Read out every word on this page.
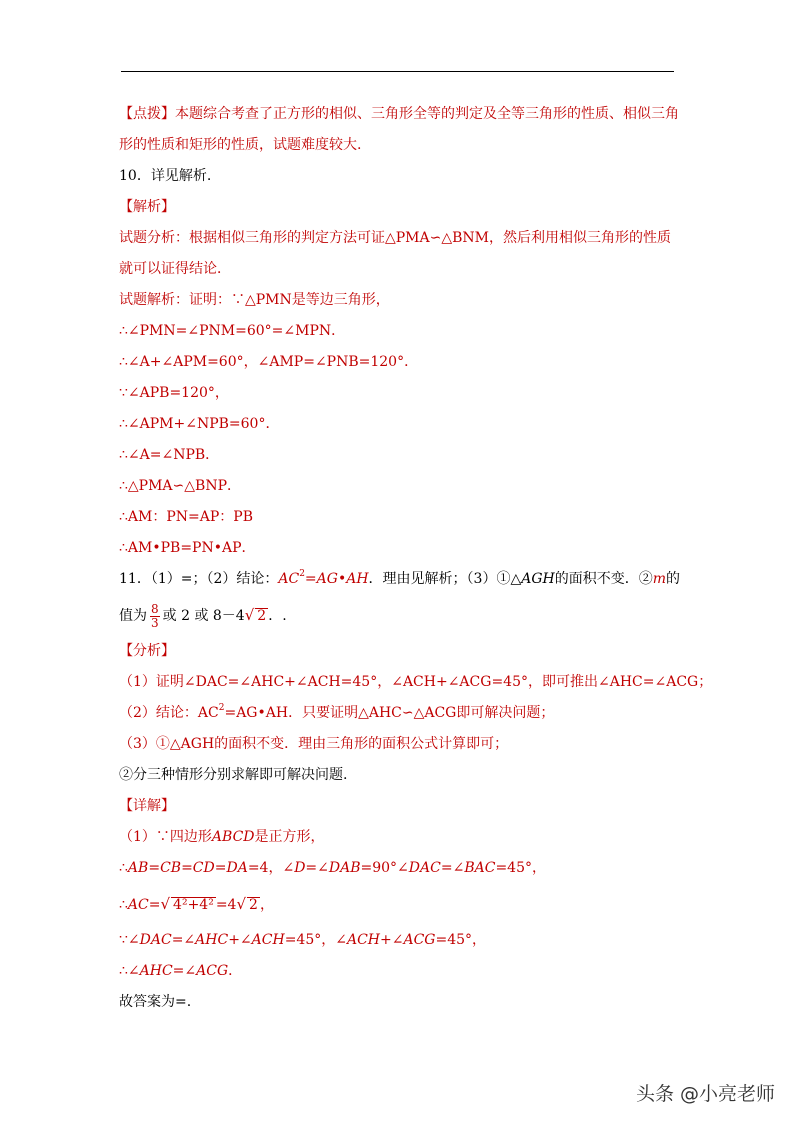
【点拨】本题综合考查了正方形的相似、三角形全等的判定及全等三角形的性质、相似三角
形的性质和矩形的性质，试题难度较大.
10．详见解析.
【解析】
试题分析：根据相似三角形的判定方法可证△PMA∽△BNM，然后利用相似三角形的性质
就可以证得结论．
试题解析：证明：∵△PMN是等边三角形，
∴∠PMN=∠PNM=60°=∠MPN．
∴∠A+∠APM=60°，∠AMP=∠PNB=120°．
∵∠APB=120°，
∴∠APM+∠NPB=60°．
∴∠A=∠NPB．
∴△PMA∽△BNP．
∴AM：PN=AP：PB
∴AM•PB=PN•AP．
11．（1）=；（2）结论：$AC^2=AG•AH$．理由见解析；（3）①△AGH的面积不变．②m的
值为 $\frac{8}{3}$ 或 2 或 8－4√ 2 ．.
【分析】
（1）证明∠DAC=∠AHC+∠ACH=45°，∠ACH+∠ACG=45°，即可推出∠AHC=∠ACG；
（2）结论：$AC^2=AG•AH$．只要证明△AHC∽△ACG即可解决问题；
（3）①△AGH的面积不变．理由三角形的面积公式计算即可；
②分三种情形分别求解即可解决问题.
【详解】
（1）∵四边形ABCD是正方形，
∴AB=CB=CD=DA=4，∠D=∠DAB=90°∠DAC=∠BAC=45°，
∴AC=√ 4²+4² =4√ 2 ，
∵∠DAC=∠AHC+∠ACH=45°，∠ACH+∠ACG=45°，
∴∠AHC=∠ACG．
故答案为=.
头条 @小亮老师
